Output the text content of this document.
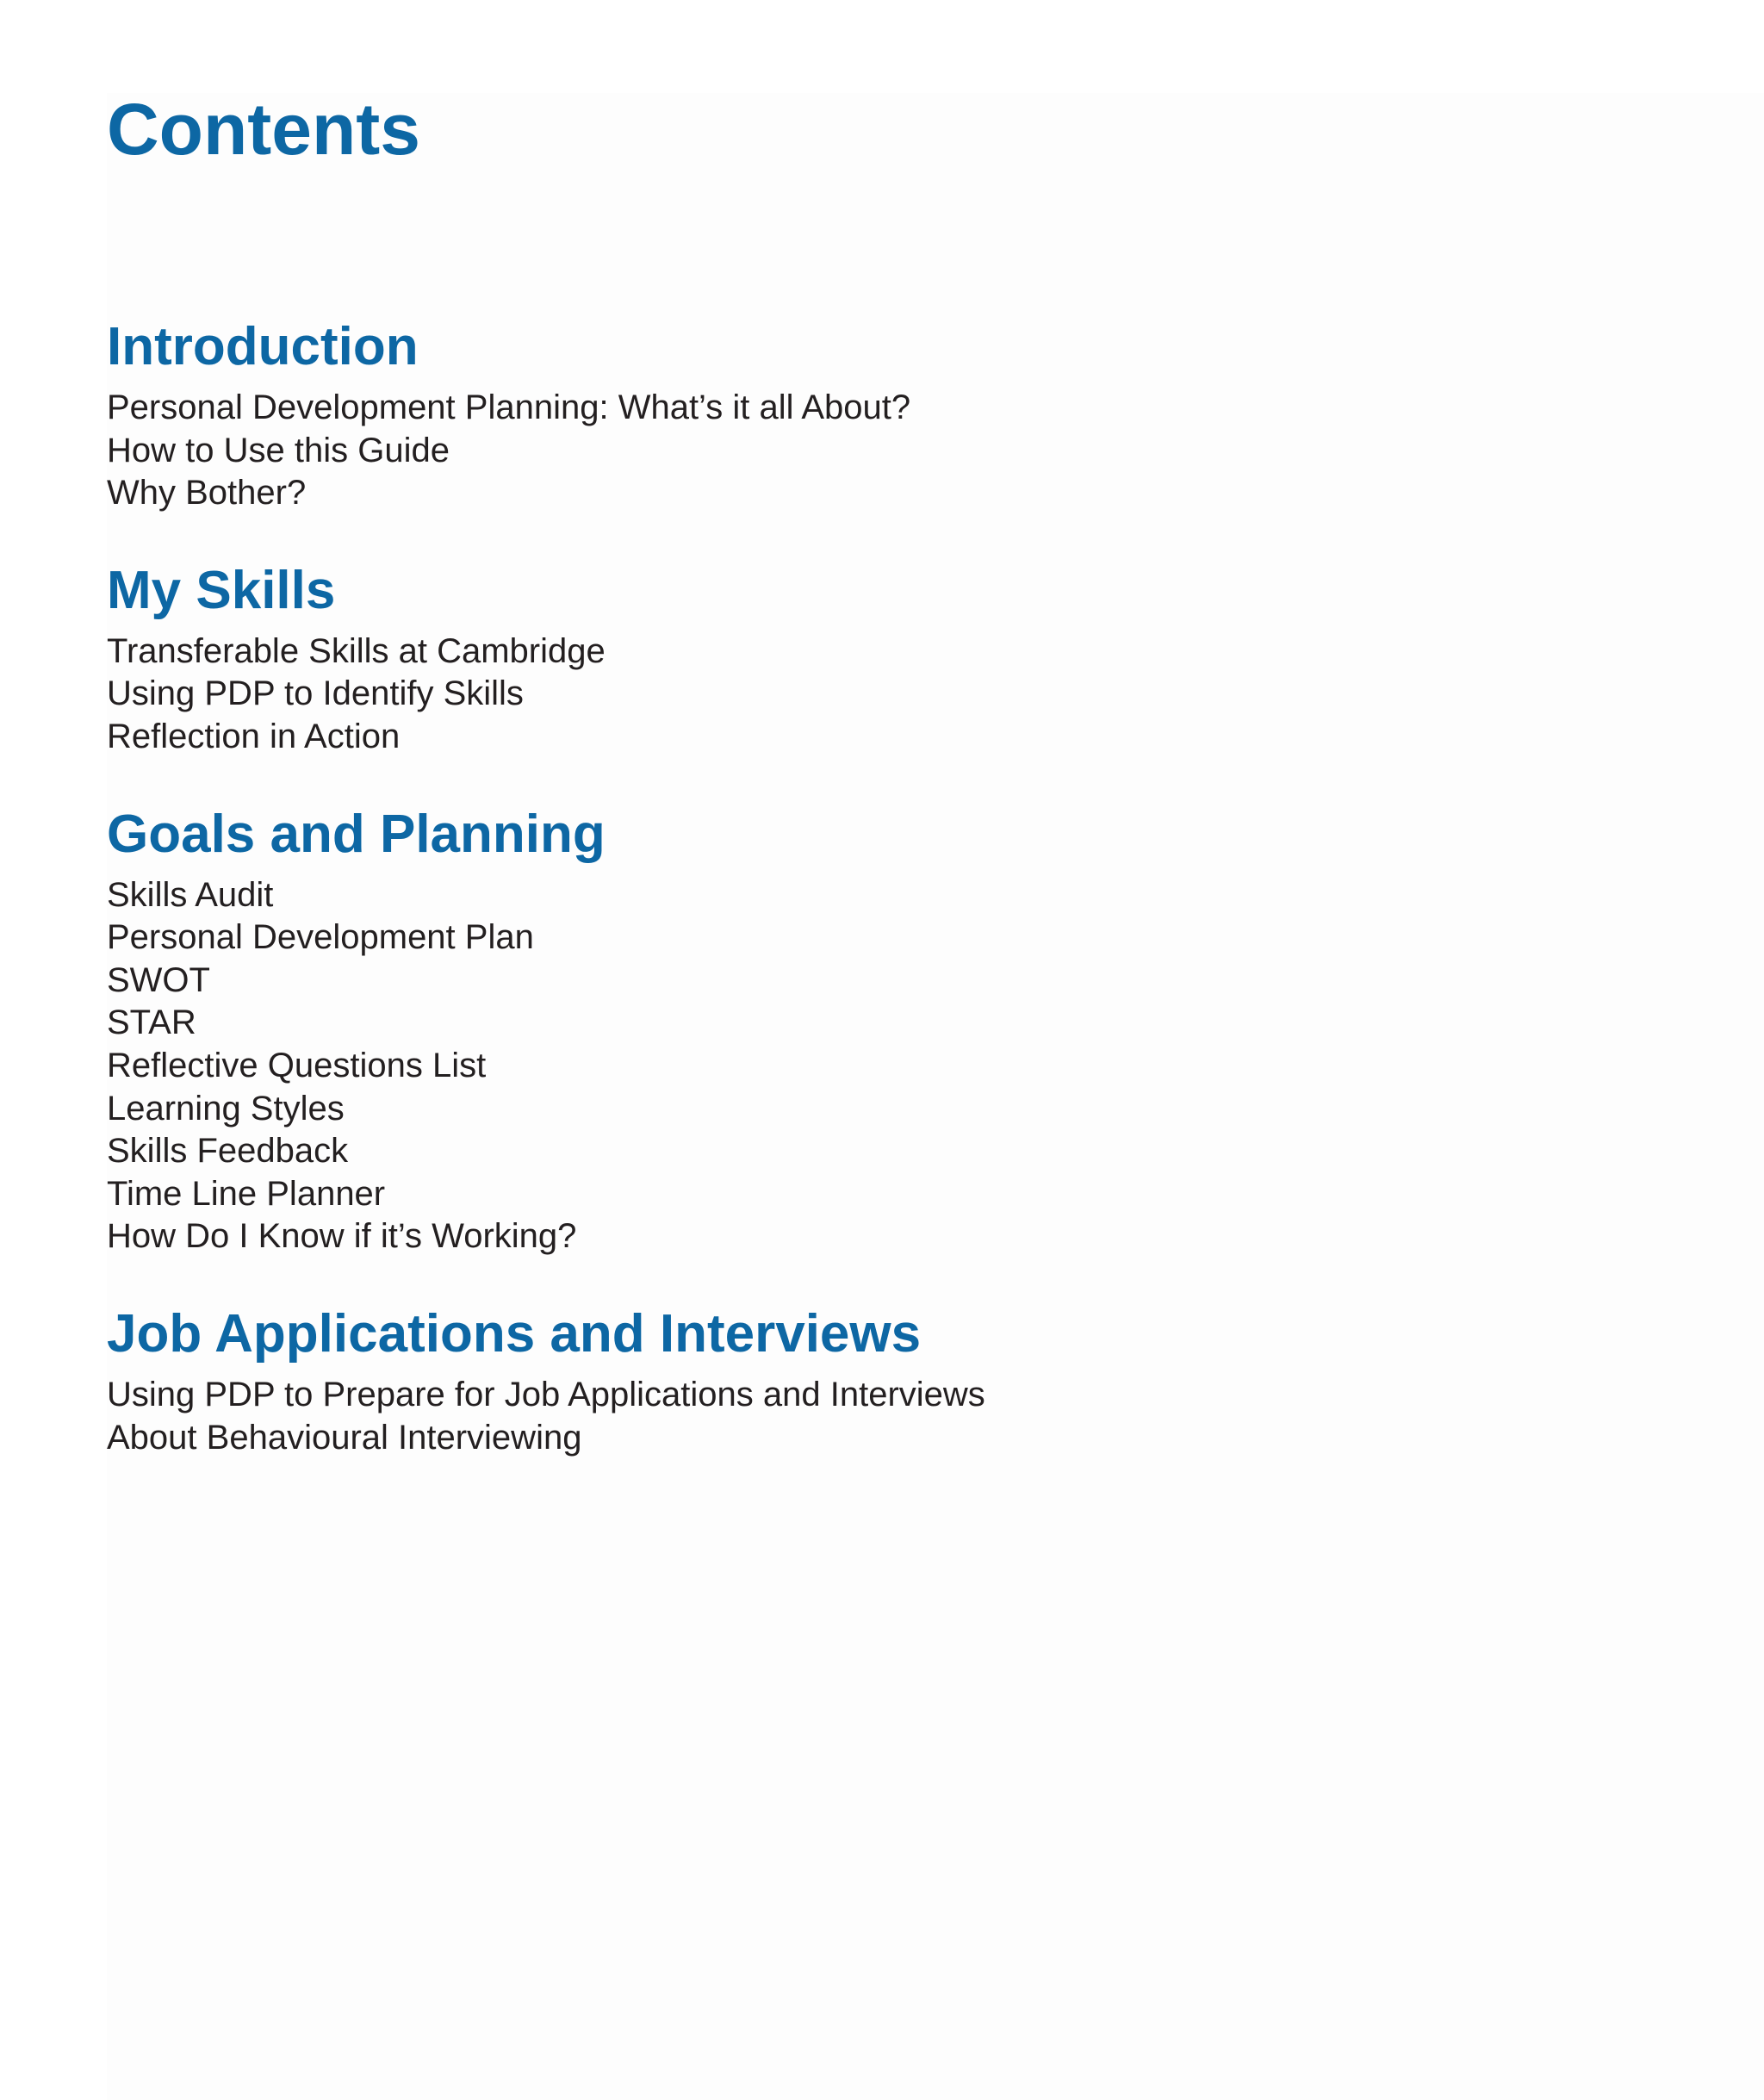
Contents
Introduction
Personal Development Planning: What’s it all About?
How to Use this Guide
Why Bother?
My Skills
Transferable Skills at Cambridge
Using PDP to Identify Skills
Reflection in Action
Goals and Planning
Skills Audit
Personal Development Plan
SWOT
STAR
Reflective Questions List
Learning Styles
Skills Feedback
Time Line Planner
How Do I Know if it’s Working?
Job Applications and Interviews
Using PDP to Prepare for Job Applications and Interviews
About Behavioural Interviewing
